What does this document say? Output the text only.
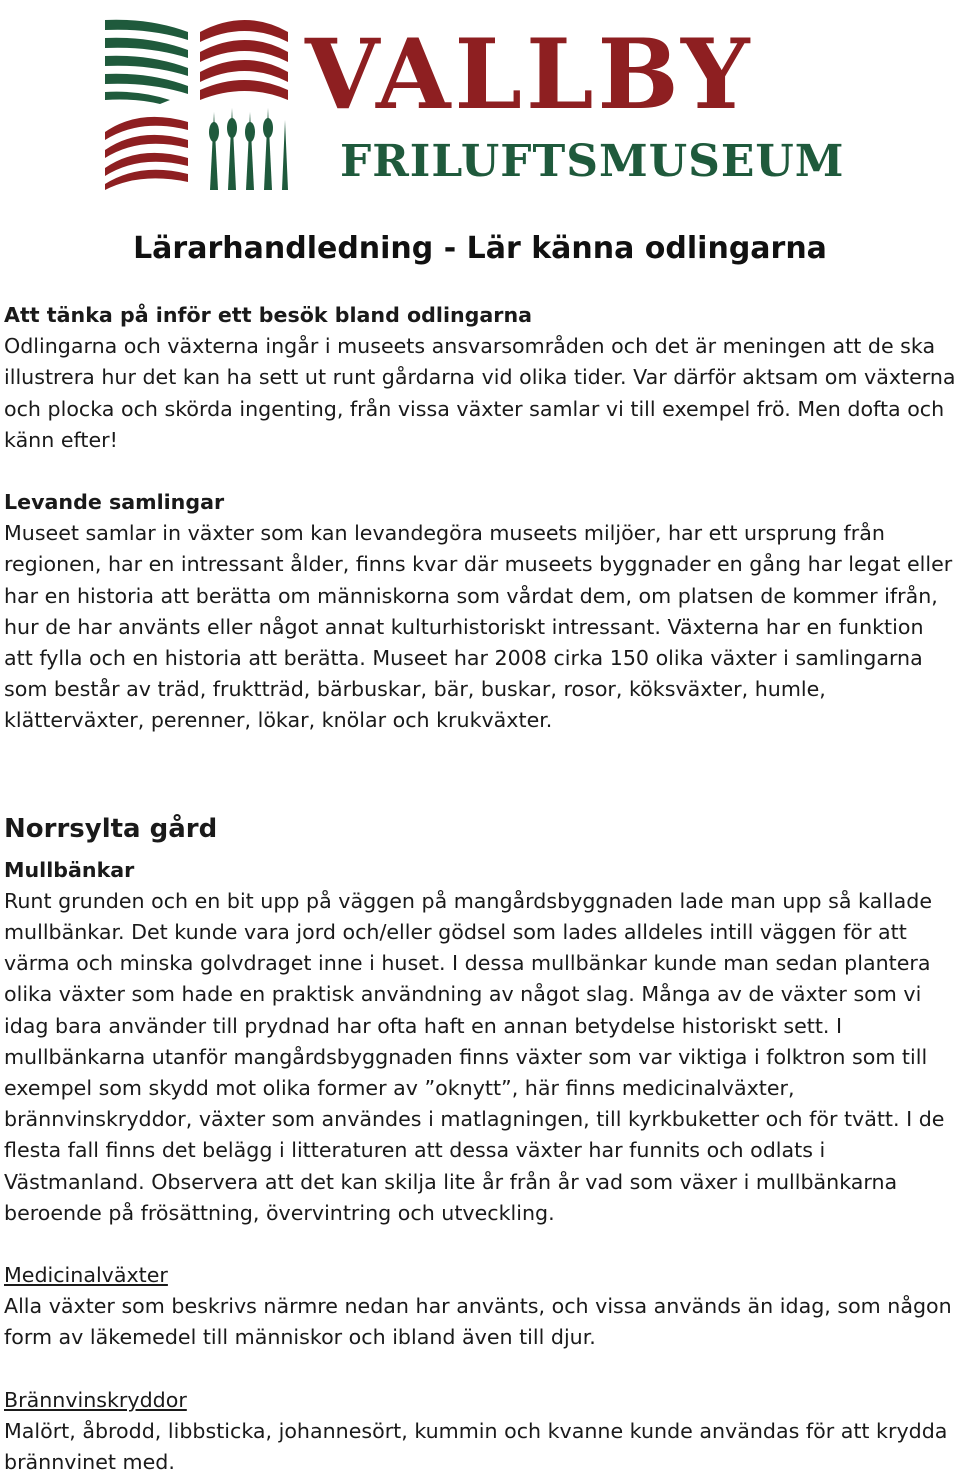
VALLBY
FRILUFTSMUSEUM
Lärarhandledning - Lär känna odlingarna

Att tänka på inför ett besök bland odlingarna

Odlingarna och växterna ingår i museets ansvarsområden och det är meningen att de ska illustrera hur det kan ha sett ut runt gårdarna vid olika tider. Var därför aktsam om växterna och plocka och skörda ingenting, från vissa växter samlar vi till exempel frö. Men dofta och känn efter!

Levande samlingar

Museet samlar in växter som kan levandegöra museets miljöer, har ett ursprung från regionen, har en intressant ålder, finns kvar där museets byggnader en gång har legat eller har en historia att berätta om människorna som vårdat dem, om platsen de kommer ifrån, hur de har använts eller något annat kulturhistoriskt intressant. Växterna har en funktion att fylla och en historia att berätta. Museet har 2008 cirka 150 olika växter i samlingarna som består av träd, fruktträd, bärbuskar, bär, buskar, rosor, köksväxter, humle, klätterväxter, perenner, lökar, knölar och krukväxter.

Norrsylta gård

Mullbänkar

Runt grunden och en bit upp på väggen på mangårdsbyggnaden lade man upp så kallade mullbänkar. Det kunde vara jord och/eller gödsel som lades alldeles intill väggen för att värma och minska golvdraget inne i huset. I dessa mullbänkar kunde man sedan plantera olika växter som hade en praktisk användning av något slag. Många av de växter som vi idag bara använder till prydnad har ofta haft en annan betydelse historiskt sett. I mullbänkarna utanför mangårdsbyggnaden finns växter som var viktiga i folktron som till exempel som skydd mot olika former av ”oknytt”, här finns medicinalväxter, brännvinskryddor, växter som användes i matlagningen, till kyrkbuketter och för tvätt. I de flesta fall finns det belägg i litteraturen att dessa växter har funnits och odlats i Västmanland. Observera att det kan skilja lite år från år vad som växer i mullbänkarna beroende på frösättning, övervintring och utveckling.

Medicinalväxter

Alla växter som beskrivs närmre nedan har använts, och vissa används än idag, som någon form av läkemedel till människor och ibland även till djur.

Brännvinskryddor

Malört, åbrodd, libbsticka, johannesört, kummin och kvanne kunde användas för att krydda brännvinet med.
